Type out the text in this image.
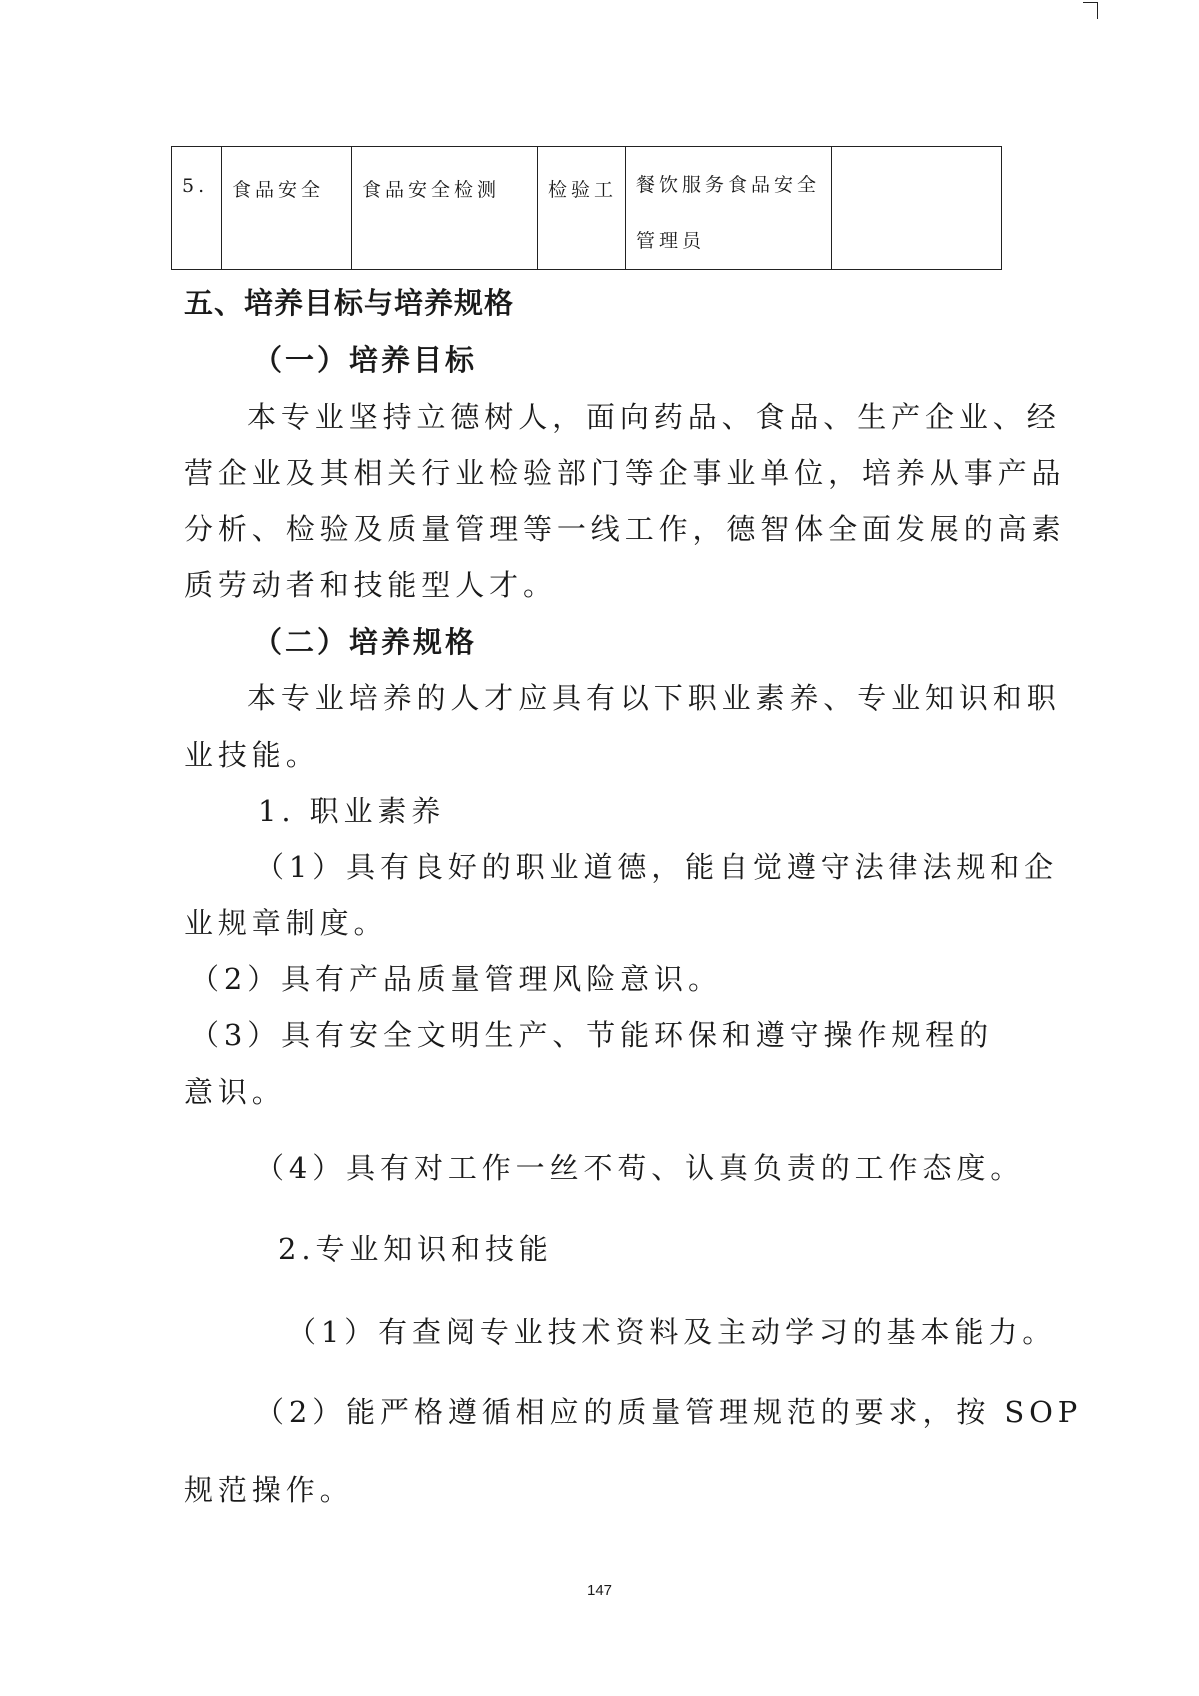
5.	食品安全	食品安全检测	检验工	餐饮服务食品安全管理员	
五、培养目标与培养规格
（一）培养目标
本专业坚持立德树人，面向药品、食品、生产企业、经
营企业及其相关行业检验部门等企事业单位，培养从事产品
分析、检验及质量管理等一线工作，德智体全面发展的高素
质劳动者和技能型人才。
（二）培养规格
本专业培养的人才应具有以下职业素养、专业知识和职
业技能。
1. 职业素养
（1）具有良好的职业道德，能自觉遵守法律法规和企
业规章制度。
（2）具有产品质量管理风险意识。
（3）具有安全文明生产、节能环保和遵守操作规程的
意识。
（4）具有对工作一丝不苟、认真负责的工作态度。
2.专业知识和技能
（1）有查阅专业技术资料及主动学习的基本能力。
（2）能严格遵循相应的质量管理规范的要求，按 SOP
规范操作。
147
